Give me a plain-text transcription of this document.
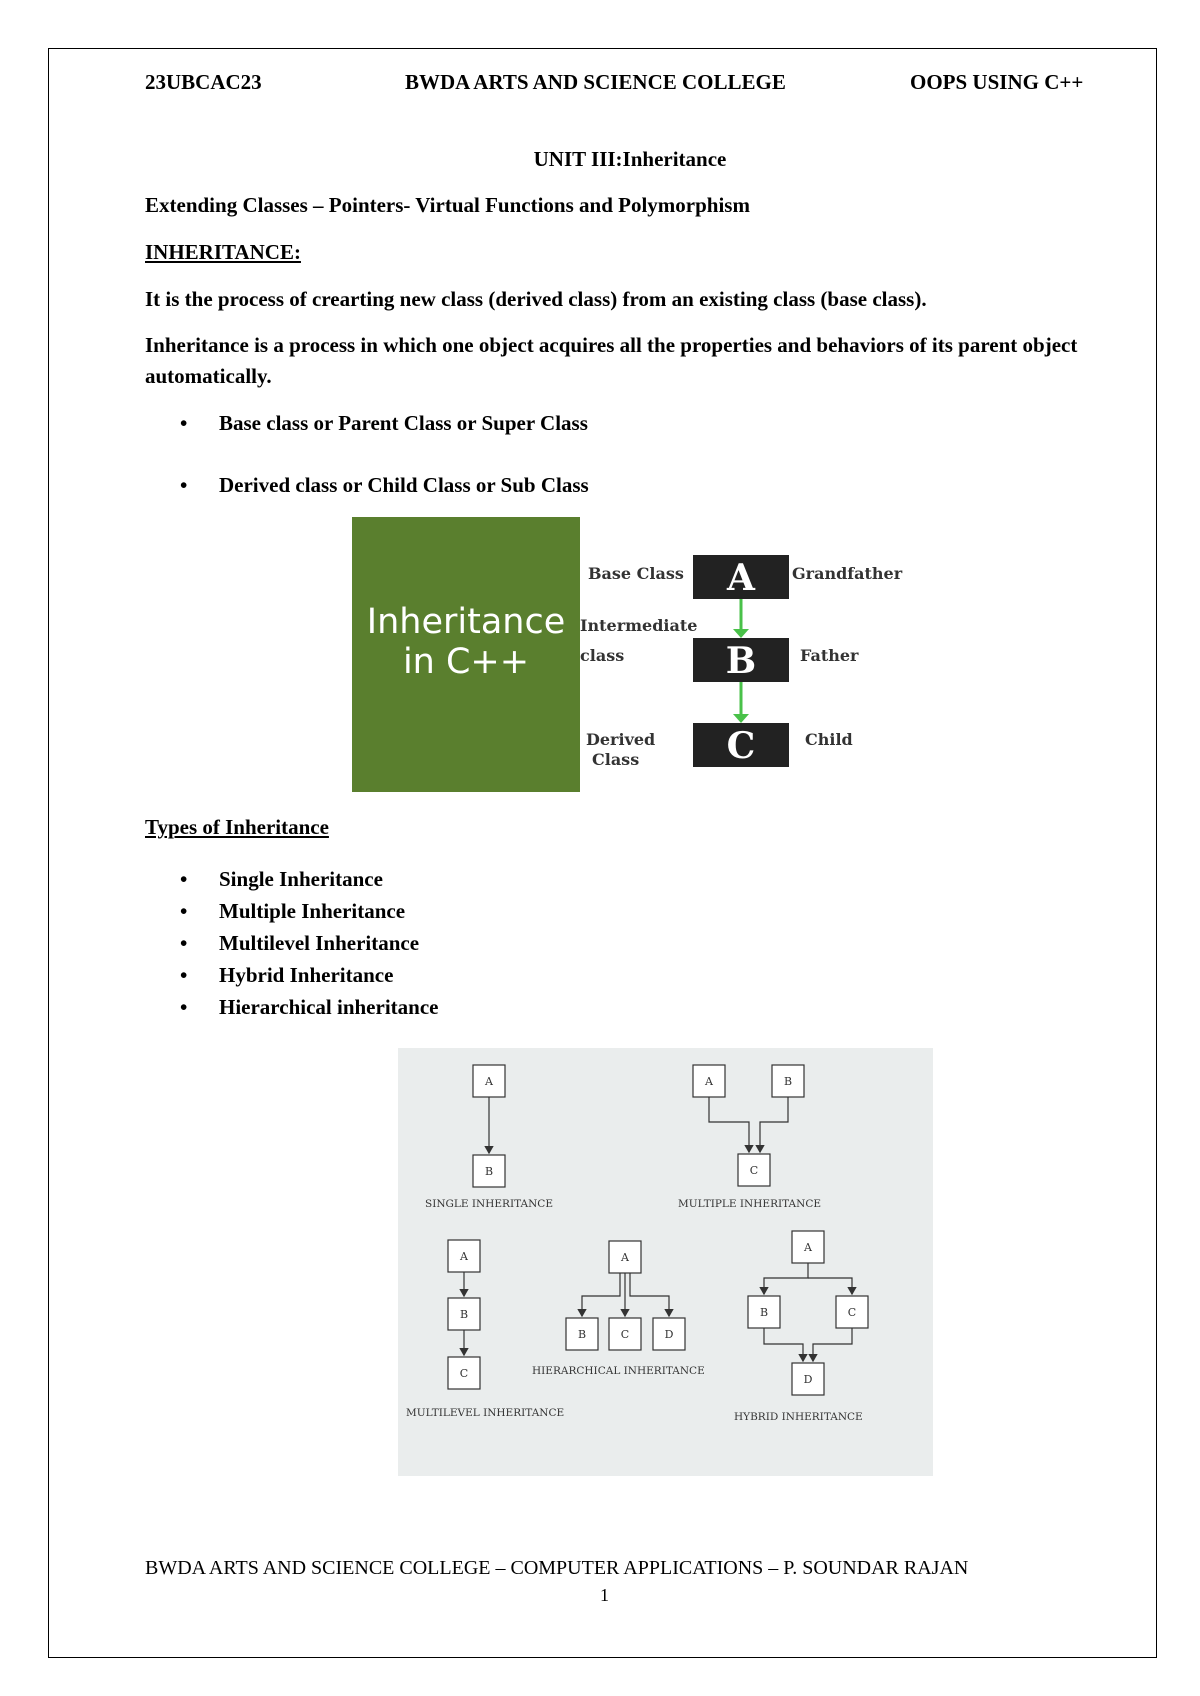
23UBCAC23	BWDA ARTS AND SCIENCE COLLEGE	OOPS USING C++
UNIT III:Inheritance
Extending Classes – Pointers- Virtual Functions and Polymorphism
INHERITANCE:
It is the process of crearting new class (derived class) from an existing class (base class).
Inheritance is a process in which one object acquires all the properties and behaviors of its parent object automatically.
• Base class or Parent Class or Super Class
• Derived class or Child Class or Sub Class
Inheritance
in C++
Base Class
Intermediate
class
Derived
Class
A
B
C
Grandfather
Father
Child
Types of Inheritance
• Single Inheritance
• Multiple Inheritance
• Multilevel Inheritance
• Hybrid Inheritance
• Hierarchical inheritance
A
B
A	B
C
A
B
C
A
B	C	D
A
B	C
D
SINGLE INHERITANCE	MULTIPLE INHERITANCE
MULTILEVEL INHERITANCE
HIERARCHICAL INHERITANCE
HYBRID INHERITANCE
BWDA ARTS AND SCIENCE COLLEGE – COMPUTER APPLICATIONS – P. SOUNDAR RAJAN
1
